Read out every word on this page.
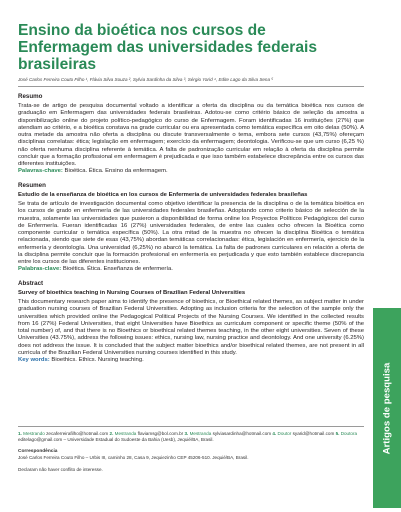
Ensino da bioética nos cursos de Enfermagem das universidades federais brasileiras
José Carlos Ferreira Couto Filho ¹, Flávia Silva Souza ², Sylvia Sardinha da Silva ³, Sérgio Yarid ⁴, Edite Lago da Silva Sena ⁵
Resumo

Trata-se de artigo de pesquisa documental voltado a identificar a oferta da disciplina ou da temática bioética nos cursos de graduação em Enfermagem das universidades federais brasileiras. Adotou-se como critério básico de seleção da amostra a disponibilização online do projeto político-pedagógico do curso de Enfermagem. Foram identificadas 16 instituições (27%) que atendiam ao critério, e a bioética constava na grade curricular ou era apresentada como temática específica em oito delas (50%). A outra metade da amostra não oferta a disciplina ou discute transversalmente o tema, embora sete cursos (43,75%) ofereçam disciplinas correlatas: ética; legislação em enfermagem; exercício da enfermagem; deontologia. Verificou-se que um curso (6,25 %) não oferta nenhuma disciplina referente à temática. A falta de padronização curricular em relação à oferta da disciplina permite concluir que a formação profissional em enfermagem é prejudicada e que isso também estabelece discrepância entre os cursos das diferentes instituições.

Palavras-chave: Bioética. Ética. Ensino da enfermagem.

Resumen
Estudio de la enseñanza de bioética en los cursos de Enfermería de universidades federales brasileñas

Se trata de artículo de investigación documental como objetivo identificar la presencia de la disciplina o de la temática bioética en los cursos de grado en enfermería de las universidades federales brasileñas. Adoptando como criterio básico de selección de la muestra, solamente las universidades que pusieron a disponibilidad de forma online los Proyectos Políticos Pedagógicos del curso de Enfermería. Fueran identificadas 16 (27%) universidades federales, de entre las cuales ocho ofrecen la Bioética como componente curricular o temática específica (50%). La otra mitad de la muestra no ofrecen la disciplina Bioética o temática relacionada, siendo que siete de esas (43,75%) abordan temáticas correlacionadas: ética, legislación en enfermería, ejercicio de la enfermería y deontología. Una universidad (6,25%) no abarcó la temática. La falta de padrones curriculares en relación a oferta de la disciplina permite concluir que la formación profesional en enfermería es perjudicada y que esto también establece discrepancia entre los cursos de las diferentes instituciones.

Palabras-clave: Bioética. Ética. Enseñanza de enfermería.

Abstract
Survey of bioethics teaching in Nursing Courses of Brazilian Federal Universities

This documentary research paper aims to identify the presence of bioethics, or Bioethical related themes, as subject matter in under graduation nursing courses of Brazilian Federal Universities. Adopting as inclusion criteria for the selection of the sample only the universities which provided online the Pedagogical Political Projects of the Nursing Courses. We identified in the collected results from 16 (27%) Federal Universities, that eight Universities have Bioethics as curriculum component or specific theme (50% of the total number) of, and that there is no Bioethics or bioethical related themes teaching, in the other eight universities. Seven of these Universities (43.75%), address the following issues: ethics, nursing law, nursing practice and deontology. And one university (6.25%) does not address the issue. It is concluded that the subject matter bioethics and/or bioethical related themes, are not present in all curricula of the Brazilian Federal Universities nursing courses identified in this study.

Key words: Bioethics. Ethics. Nursing teaching.

1. Mestrando zecaferreirafilho@hotmail.com 2. Mestranda flaviamsg@bol.com.br 3. Mestranda sylviasardinha@hotmail.com 4. Doutor syarid@hotmail.com 5. Doutora editelago@gmail.com – Universidade Estadual do Sudoeste da Bahia (Uesb), Jequié/BA, Brasil.
Correspondência
José Carlos Ferreira Couto Filho – Urbis III, caminho 28, Casa 9, Jequiezinho CEP 45206-510. Jequié/BA, Brasil.
Declaram não haver conflito de interesse.
Artigos de pesquisa
